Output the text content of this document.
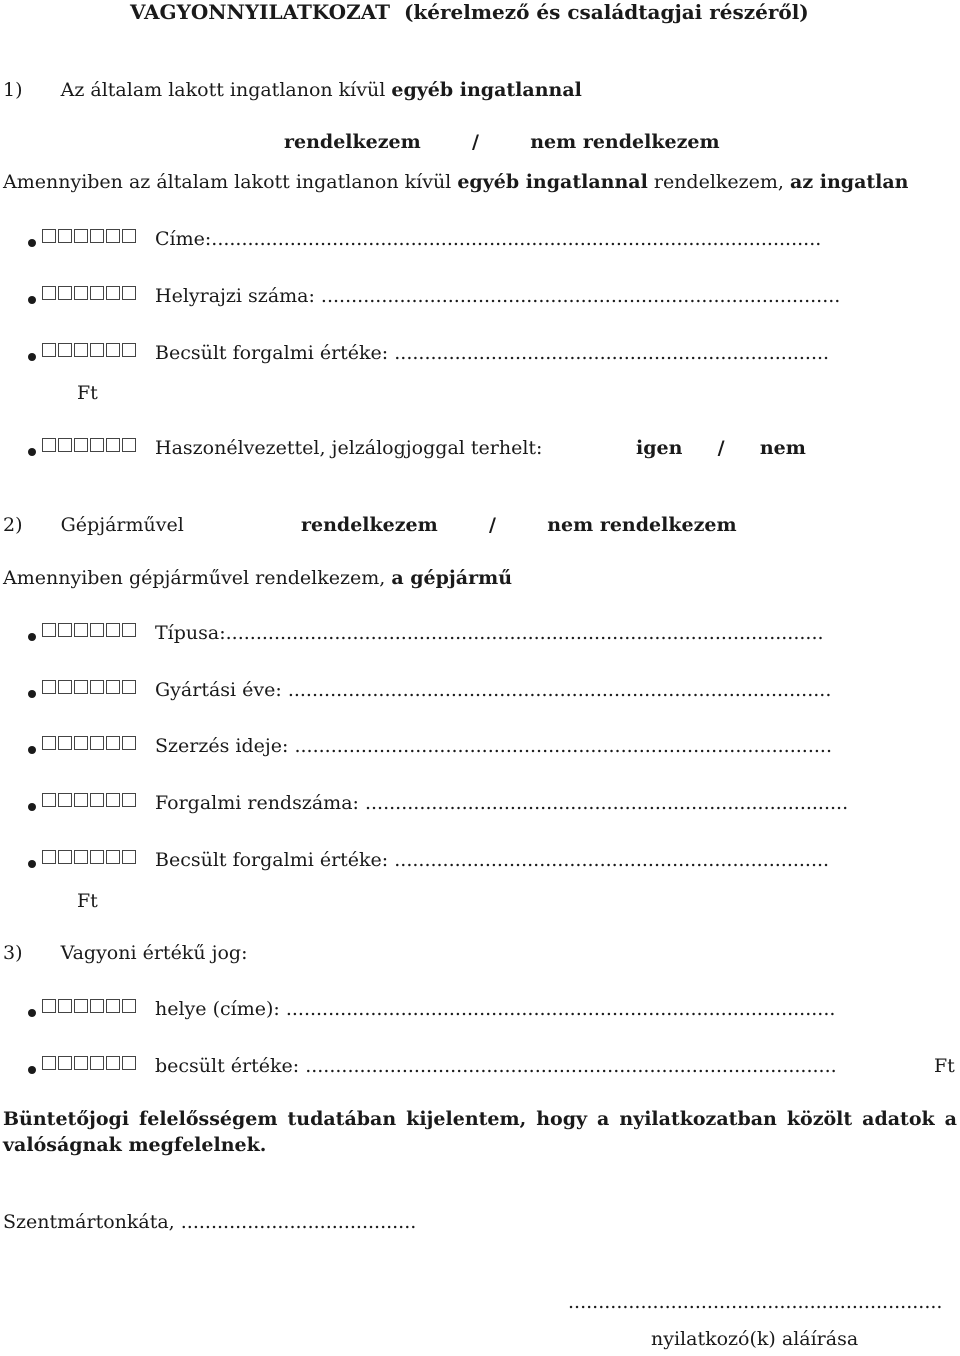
VAGYONNYILATKOZAT (kérelmező és családtagjai részéről)
1) Az általam lakott ingatlanon kívül egyéb ingatlannal
rendelkezem	/	nem rendelkezem
Amennyiben az általam lakott ingatlanon kívül egyéb ingatlannal rendelkezem, az ingatlan
Címe:.....................................................................................................
Helyrajzi száma: ......................................................................................
Becsült forgalmi értéke: ........................................................................
Ft
Haszonélvezettel, jelzálogjoggal terhelt:	igen / nem
2) Gépjárművel	rendelkezem	/	nem rendelkezem
Amennyiben gépjárművel rendelkezem, a gépjármű
Típusa:...................................................................................................
Gyártási éve: ..........................................................................................
Szerzés ideje: .........................................................................................
Forgalmi rendszáma: ................................................................................
Becsült forgalmi értéke: ........................................................................
Ft
3) Vagyoni értékű jog:
helye (címe): ...........................................................................................
becsült értéke: ........................................................................................	Ft
Büntetőjogi felelősségem tudatában kijelentem, hogy a nyilatkozatban közölt adatok a
valóságnak megfelelnek.
Szentmártonkáta, .......................................
..............................................................
nyilatkozó(k) aláírása
